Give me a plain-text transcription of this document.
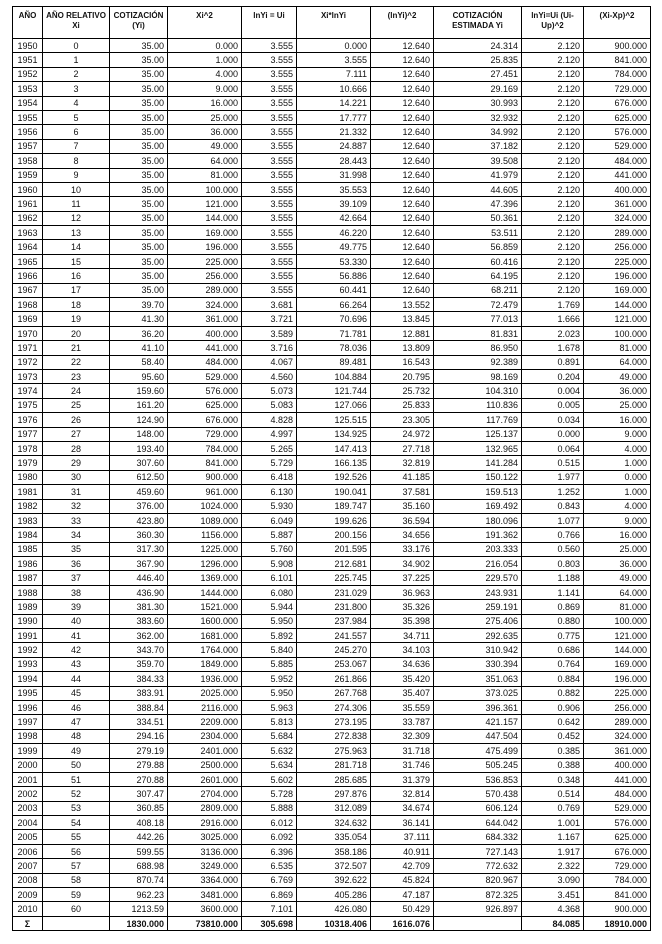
AÑO	AÑO RELATIVO Xi	COTIZACIÓN (Yi)	Xi^2	lnYi = Ui	Xi*lnYi	(lnYi)^2	COTIZACIÓN ESTIMADA Yi	lnYi=Ui (Ui-Up)^2	(Xi-Xp)^2
1950	0	35.00	0.000	3.555	0.000	12.640	24.314	2.120	900.000
1951	1	35.00	1.000	3.555	3.555	12.640	25.835	2.120	841.000
1952	2	35.00	4.000	3.555	7.111	12.640	27.451	2.120	784.000
1953	3	35.00	9.000	3.555	10.666	12.640	29.169	2.120	729.000
1954	4	35.00	16.000	3.555	14.221	12.640	30.993	2.120	676.000
1955	5	35.00	25.000	3.555	17.777	12.640	32.932	2.120	625.000
1956	6	35.00	36.000	3.555	21.332	12.640	34.992	2.120	576.000
1957	7	35.00	49.000	3.555	24.887	12.640	37.182	2.120	529.000
1958	8	35.00	64.000	3.555	28.443	12.640	39.508	2.120	484.000
1959	9	35.00	81.000	3.555	31.998	12.640	41.979	2.120	441.000
1960	10	35.00	100.000	3.555	35.553	12.640	44.605	2.120	400.000
1961	11	35.00	121.000	3.555	39.109	12.640	47.396	2.120	361.000
1962	12	35.00	144.000	3.555	42.664	12.640	50.361	2.120	324.000
1963	13	35.00	169.000	3.555	46.220	12.640	53.511	2.120	289.000
1964	14	35.00	196.000	3.555	49.775	12.640	56.859	2.120	256.000
1965	15	35.00	225.000	3.555	53.330	12.640	60.416	2.120	225.000
1966	16	35.00	256.000	3.555	56.886	12.640	64.195	2.120	196.000
1967	17	35.00	289.000	3.555	60.441	12.640	68.211	2.120	169.000
1968	18	39.70	324.000	3.681	66.264	13.552	72.479	1.769	144.000
1969	19	41.30	361.000	3.721	70.696	13.845	77.013	1.666	121.000
1970	20	36.20	400.000	3.589	71.781	12.881	81.831	2.023	100.000
1971	21	41.10	441.000	3.716	78.036	13.809	86.950	1.678	81.000
1972	22	58.40	484.000	4.067	89.481	16.543	92.389	0.891	64.000
1973	23	95.60	529.000	4.560	104.884	20.795	98.169	0.204	49.000
1974	24	159.60	576.000	5.073	121.744	25.732	104.310	0.004	36.000
1975	25	161.20	625.000	5.083	127.066	25.833	110.836	0.005	25.000
1976	26	124.90	676.000	4.828	125.515	23.305	117.769	0.034	16.000
1977	27	148.00	729.000	4.997	134.925	24.972	125.137	0.000	9.000
1978	28	193.40	784.000	5.265	147.413	27.718	132.965	0.064	4.000
1979	29	307.60	841.000	5.729	166.135	32.819	141.284	0.515	1.000
1980	30	612.50	900.000	6.418	192.526	41.185	150.122	1.977	0.000
1981	31	459.60	961.000	6.130	190.041	37.581	159.513	1.252	1.000
1982	32	376.00	1024.000	5.930	189.747	35.160	169.492	0.843	4.000
1983	33	423.80	1089.000	6.049	199.626	36.594	180.096	1.077	9.000
1984	34	360.30	1156.000	5.887	200.156	34.656	191.362	0.766	16.000
1985	35	317.30	1225.000	5.760	201.595	33.176	203.333	0.560	25.000
1986	36	367.90	1296.000	5.908	212.681	34.902	216.054	0.803	36.000
1987	37	446.40	1369.000	6.101	225.745	37.225	229.570	1.188	49.000
1988	38	436.90	1444.000	6.080	231.029	36.963	243.931	1.141	64.000
1989	39	381.30	1521.000	5.944	231.800	35.326	259.191	0.869	81.000
1990	40	383.60	1600.000	5.950	237.984	35.398	275.406	0.880	100.000
1991	41	362.00	1681.000	5.892	241.557	34.711	292.635	0.775	121.000
1992	42	343.70	1764.000	5.840	245.270	34.103	310.942	0.686	144.000
1993	43	359.70	1849.000	5.885	253.067	34.636	330.394	0.764	169.000
1994	44	384.33	1936.000	5.952	261.866	35.420	351.063	0.884	196.000
1995	45	383.91	2025.000	5.950	267.768	35.407	373.025	0.882	225.000
1996	46	388.84	2116.000	5.963	274.306	35.559	396.361	0.906	256.000
1997	47	334.51	2209.000	5.813	273.195	33.787	421.157	0.642	289.000
1998	48	294.16	2304.000	5.684	272.838	32.309	447.504	0.452	324.000
1999	49	279.19	2401.000	5.632	275.963	31.718	475.499	0.385	361.000
2000	50	279.88	2500.000	5.634	281.718	31.746	505.245	0.388	400.000
2001	51	270.88	2601.000	5.602	285.685	31.379	536.853	0.348	441.000
2002	52	307.47	2704.000	5.728	297.876	32.814	570.438	0.514	484.000
2003	53	360.85	2809.000	5.888	312.089	34.674	606.124	0.769	529.000
2004	54	408.18	2916.000	6.012	324.632	36.141	644.042	1.001	576.000
2005	55	442.26	3025.000	6.092	335.054	37.111	684.332	1.167	625.000
2006	56	599.55	3136.000	6.396	358.186	40.911	727.143	1.917	676.000
2007	57	688.98	3249.000	6.535	372.507	42.709	772.632	2.322	729.000
2008	58	870.74	3364.000	6.769	392.622	45.824	820.967	3.090	784.000
2009	59	962.23	3481.000	6.869	405.286	47.187	872.325	3.451	841.000
2010	60	1213.59	3600.000	7.101	426.080	50.429	926.897	4.368	900.000
Σ		1830.000	73810.000	305.698	10318.406	1616.076		84.085	18910.000
